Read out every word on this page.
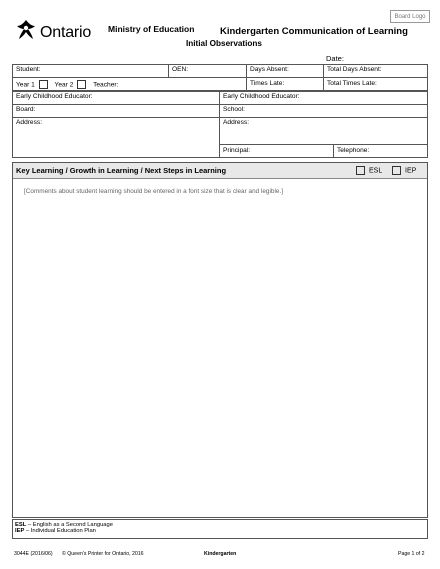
Ontario Ministry of Education	Kindergarten Communication of Learning
Initial Observations
Board Logo
Date:
Student:	OEN:	Days Absent:	Total Days Absent:
Year 1	Year 2	Teacher:	Times Late:	Total Times Late:
Early Childhood Educator:	Early Childhood Educator:
Board:	School:
Address:	Address:
Principal:	Telephone:
Key Learning / Growth in Learning / Next Steps in Learning	ESL	IEP
[Comments about student learning should be entered in a font size that is clear and legible.]
ESL – English as a Second Language
IEP – Individual Education Plan
3044E (2016/06) © Queen's Printer for Ontario, 2016	Kindergarten	Page 1 of 2
